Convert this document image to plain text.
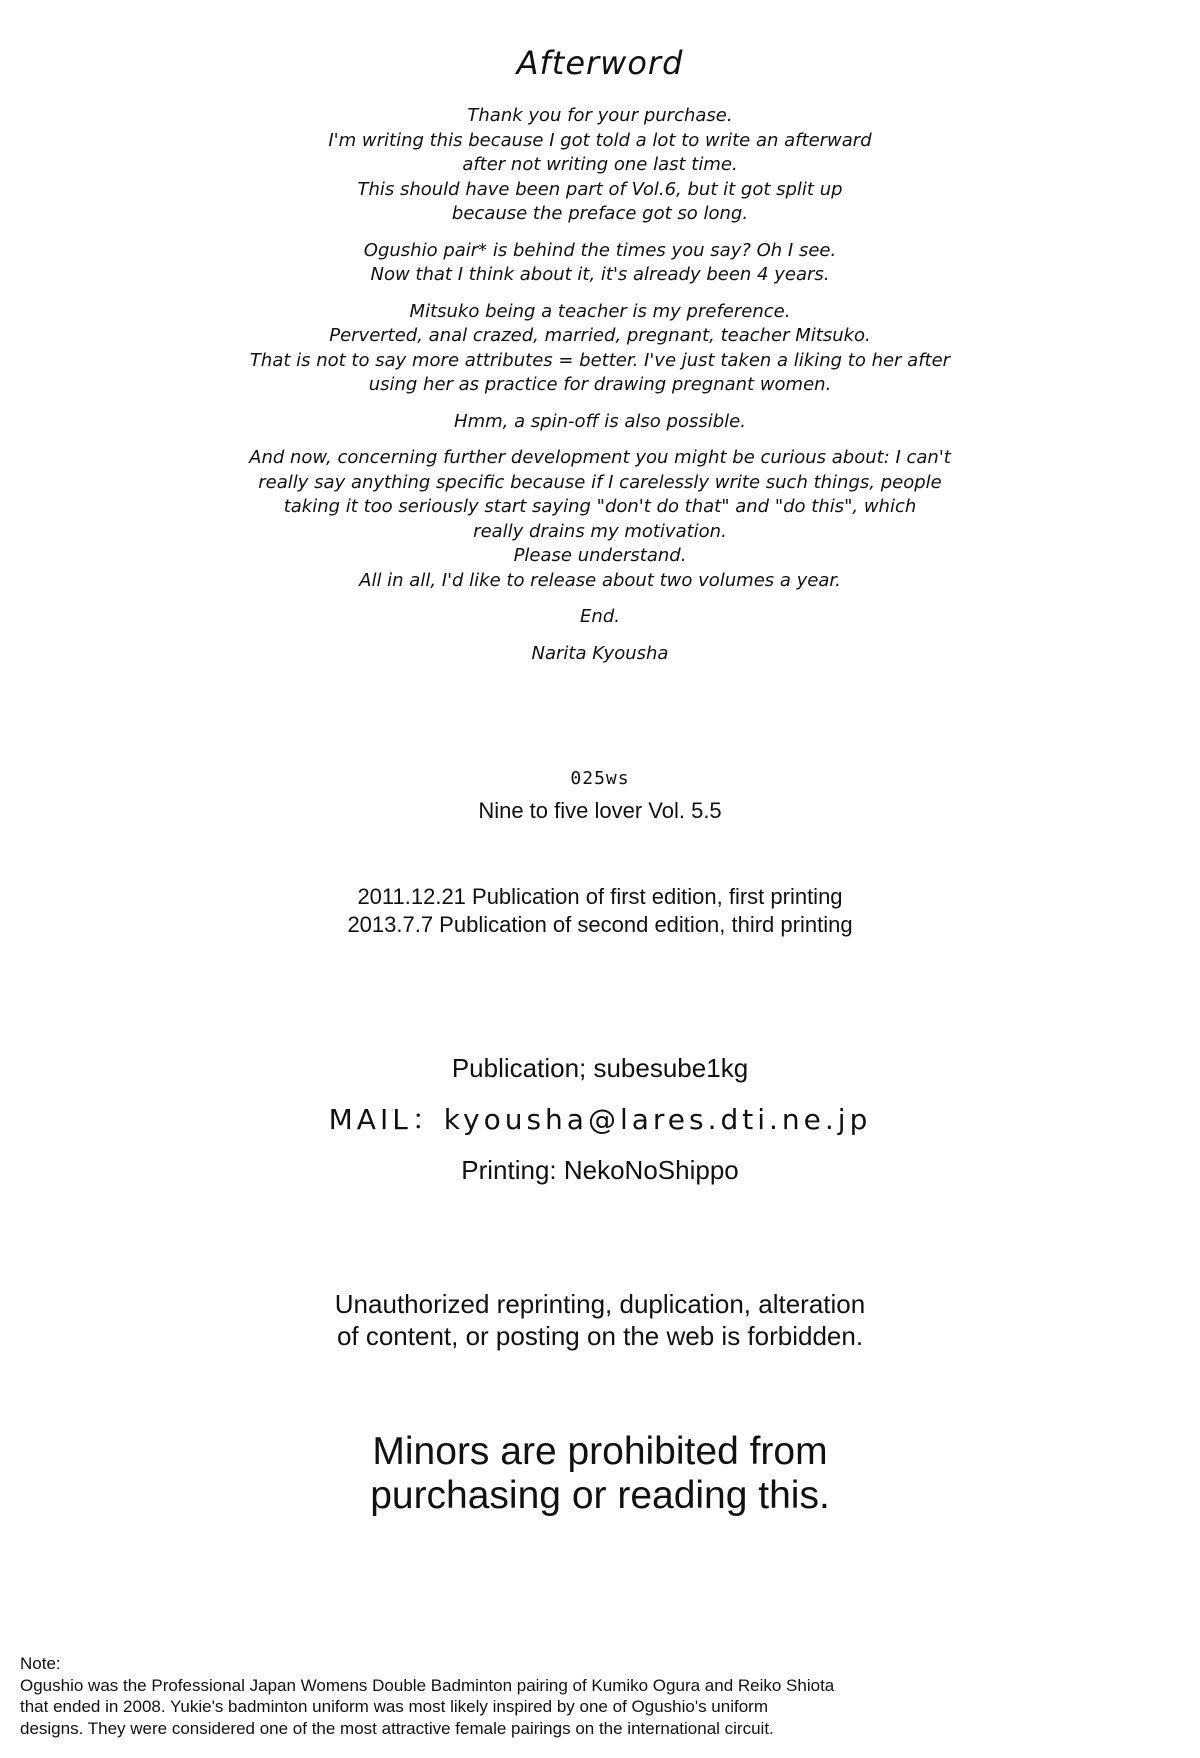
Afterword
Thank you for your purchase.
I'm writing this because I got told a lot to write an afterward
after not writing one last time.
This should have been part of Vol.6, but it got split up
because the preface got so long.
Ogushio pair* is behind the times you say? Oh I see.
Now that I think about it, it's already been 4 years.
Mitsuko being a teacher is my preference.
Perverted, anal crazed, married, pregnant, teacher Mitsuko.
That is not to say more attributes = better. I've just taken a liking to her after
using her as practice for drawing pregnant women.
Hmm, a spin-off is also possible.
And now, concerning further development you might be curious about: I can't
really say anything specific because if I carelessly write such things, people
taking it too seriously start saying "don't do that" and "do this", which
really drains my motivation.
Please understand.
All in all, I'd like to release about two volumes a year.
End.
Narita Kyousha
025ws
Nine to five lover Vol. 5.5
2011.12.21 Publication of first edition, first printing
2013.7.7 Publication of second edition, third printing
Publication; subesube1kg
MAIL：kyousha@lares.dti.ne.jp
Printing: NekoNoShippo
Unauthorized reprinting, duplication, alteration
of content, or posting on the web is forbidden.
Minors are prohibited from
purchasing or reading this.
Note:
Ogushio was the Professional Japan Womens Double Badminton pairing of Kumiko Ogura and Reiko Shiota
that ended in 2008. Yukie's badminton uniform was most likely inspired by one of Ogushio's uniform
designs. They were considered one of the most attractive female pairings on the international circuit.
